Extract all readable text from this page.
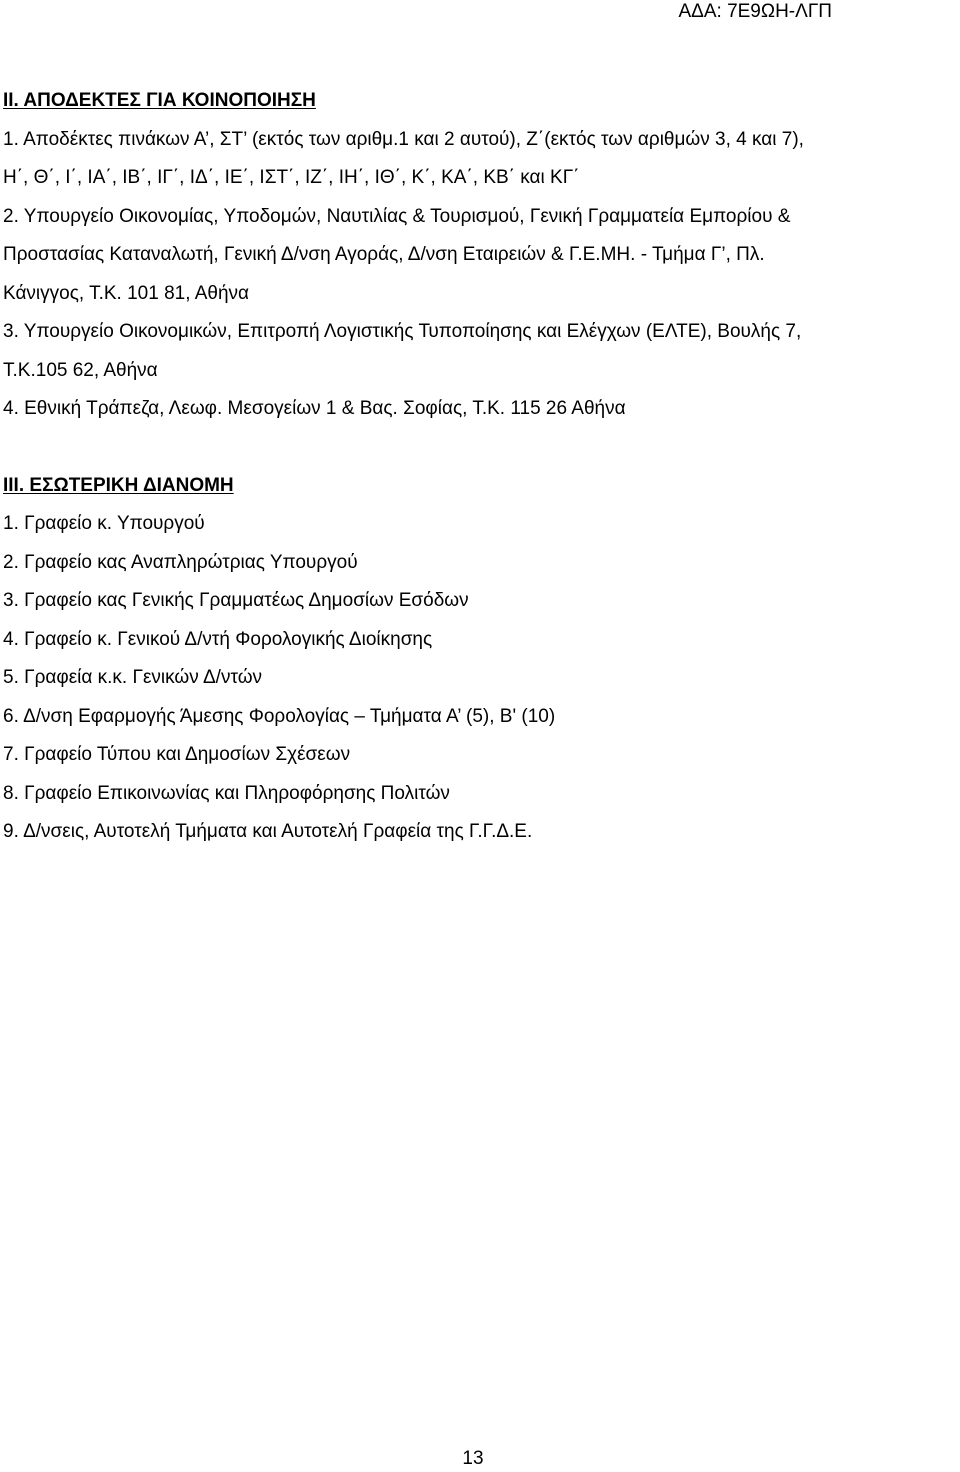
ΑΔΑ: 7Ε9ΩΗ-ΛΓΠ
ΙΙ. ΑΠΟΔΕΚΤΕΣ ΓΙΑ ΚΟΙΝΟΠΟΙΗΣΗ
1. Αποδέκτες πινάκων Α’, ΣΤ’ (εκτός των αριθμ.1 και 2 αυτού), Ζ΄(εκτός των αριθμών 3, 4 και 7),
Η΄, Θ΄, Ι΄, ΙΑ΄, ΙΒ΄, ΙΓ΄, ΙΔ΄, ΙΕ΄, ΙΣΤ΄, ΙΖ΄, ΙΗ΄, ΙΘ΄, Κ΄, ΚΑ΄, ΚΒ΄ και ΚΓ΄
2. Υπουργείο Οικονομίας, Υποδομών, Ναυτιλίας & Τουρισμού, Γενική Γραμματεία Εμπορίου &
Προστασίας Καταναλωτή, Γενική Δ/νση Αγοράς, Δ/νση Εταιρειών & Γ.Ε.ΜΗ. - Τμήμα Γ’, Πλ.
Κάνιγγος, Τ.Κ. 101 81, Αθήνα
3. Υπουργείο Οικονομικών, Επιτροπή Λογιστικής Τυποποίησης και Ελέγχων (ΕΛΤΕ), Βουλής 7,
Τ.Κ.105 62, Αθήνα
4. Εθνική Τράπεζα, Λεωφ. Μεσογείων 1 & Βας. Σοφίας, Τ.Κ. 115 26 Αθήνα
ΙΙΙ. ΕΣΩΤΕΡΙΚΗ ΔΙΑΝΟΜΗ
1. Γραφείο κ. Υπουργού
2. Γραφείο κας Αναπληρώτριας Υπουργού
3. Γραφείο κας Γενικής Γραμματέως Δημοσίων Εσόδων
4. Γραφείο κ. Γενικού Δ/ντή Φορολογικής Διοίκησης
5. Γραφεία κ.κ. Γενικών Δ/ντών
6. Δ/νση Εφαρμογής Άμεσης Φορολογίας – Τμήματα Α’ (5), Β' (10)
7. Γραφείο Τύπου και Δημοσίων Σχέσεων
8. Γραφείο Επικοινωνίας και Πληροφόρησης Πολιτών
9. Δ/νσεις, Αυτοτελή Τμήματα και Αυτοτελή Γραφεία της Γ.Γ.Δ.Ε.
13
